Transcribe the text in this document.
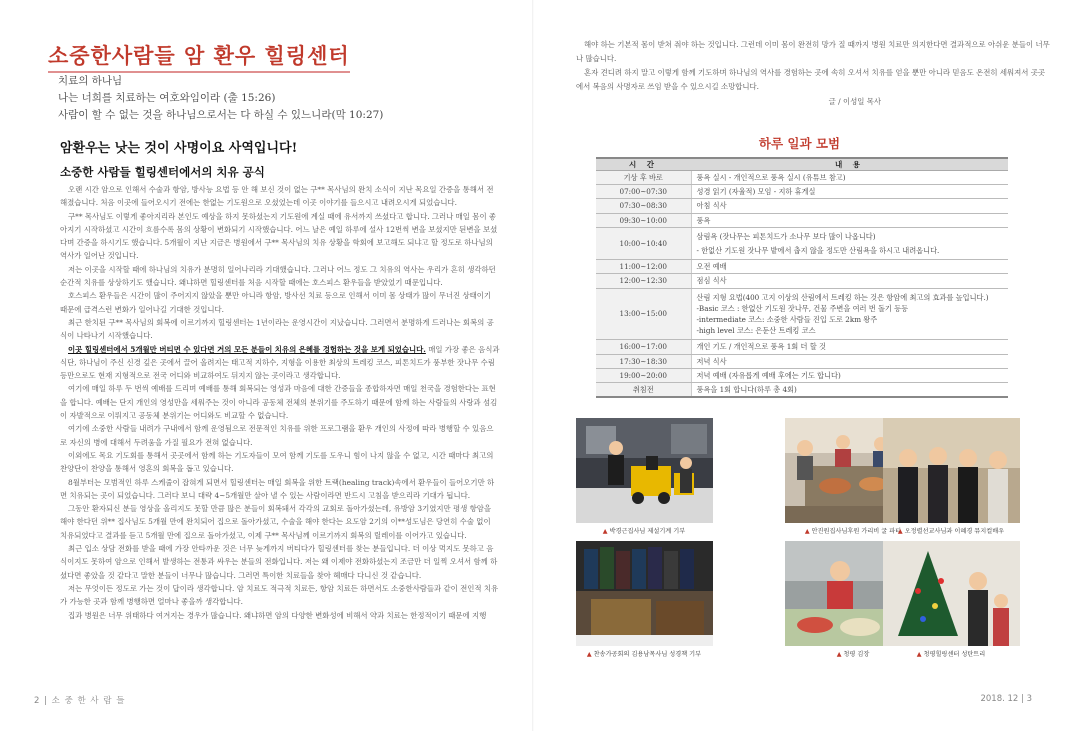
소중한사람들 암 환우 힐링센터
치료의 하나님
나는 너희를 치료하는 여호와임이라 (출 15:26)
사람이 할 수 없는 것을 하나님으로서는 다 하실 수 있느니라(막 10:27)
암환우는 낫는 것이 사명이요 사역입니다!
소중한 사람들 힐링센터에서의 치유 공식

오랜 시간 암으로 인해서 수술과 항암, 방사능 요법 등 안 해 보신 것이 없는 구** 목사님의 완치 소식이 지난 목요일 간증을 통해서 전해졌습니다. 처음 이곳에 들어오시기 전에는 한없는 기도원으로 오셨었는데 이곳 이야기를 들으시고 내려오시게 되었습니다.

구** 목사님도 이렇게 좋아지리라 본인도 예상을 하지 못하셨는지 기도원에 계실 때에 유서까지 쓰셨다고 합니다. 그러나 매일 몸이 좋아지기 시작하셨고 시간이 흐름수록 몸의 상황이 변화되기 시작했습니다. 어느 날은 예일 하루에 설사 12번씩 변을 보셨지만 된변을 보셨다며 간증을 하시기도 했습니다. 5개월이 지난 지금은 병원에서 구** 목사님의 치유 상황을 학회에 보고해도 되냐고 할 정도로 하나님의 역사가 일어난 것입니다.

저는 이곳을 시작할 때에 하나님의 치유가 분명히 일어나리라 기대했습니다. 그러나 어느 정도 그 치유의 역사는 우리가 흔히 생각하던 순간적 치유를 상상하기도 했습니다. 왜냐하면 힐링센터를 처음 시작할 때에는 호스피스 환우들을 받았었기 때문입니다.

호스피스 환우들은 시간이 많이 주어지지 않았을 뿐만 아니라 항암, 방사선 치료 등으로 인해서 이미 몸 상태가 많이 무너진 상태이기 때문에 급격스런 변화가 일어나길 기대한 것입니다.

최근 한치된 구** 목사님의 회복에 이르기까지 힐링센터는 1년이라는 운영시간이 지났습니다. 그러면서 분명하게 드러나는 회복의 공식이 나타나기 시작했습니다.

이곳 힐링센터에서 5개월만 버티면 수 있다면 거의 모든 분들이 치유의 은혜를 경험하는 것을 보게 되었습니다. 매일 가장 좋은 음식과 식단, 하나님이 주신 신경 깊은 곳에서 끌어 올려지는 태고적 지하수, 지형을 이용한 최상의 트레킹 코스, 피톤치드가 풍부한 잣나무 수림 등만으로도 현재 지형적으로 전국 어디와 비교하여도 뒤지지 않는 곳이라고 생각합니다.

여기에 매일 하루 두 번씩 예배를 드리며 예배를 통해 회복되는 영성과 마음에 대한 간증들을 종합하자면 매일 천국을 경험한다는 표현을 합니다. 예배는 단지 개인의 영성만을 세워주는 것이 아니라 공동체 전체의 분위기를 주도하기 때문에 함께 하는 사람들의 사랑과 섬김이 자발적으로 이뤄지고 공동체 분위기는 어디와도 비교할 수 없습니다.

여기에 소중한 사람들 내려가 구내에서 함께 운영됨으로 전문적인 치유를 위한 프로그램을 환우 개인의 사정에 따라 병행할 수 있음으로 자신의 병에 대해서 두려움을 가질 필요가 전혀 없습니다.

이외에도 목요 기도회를 통해서 곳곳에서 함께 하는 기도자들이 모여 함께 기도를 도우니 힘이 나지 않을 수 없고, 시간 때마다 최고의 찬양단이 찬양을 통해서 영혼의 회복을 돕고 있습니다.

8월부터는 모범적인 하루 스케줄이 잡혀게 되면서 힐링센터는 매일 회복을 위한 트랙(healing track)속에서 환우들이 들어오기만 하면 치유되는 곳이 되었습니다. 그러다 보니 대략 4~5개월만 살아 낼 수 있는 사람이라면 반드시 고침을 받으리라 기대가 됩니다.

그동안 환자되신 분들 영상을 올리지도 못할 만큼 많은 분들이 회복돼서 각각의 교회로 돌아가셨는데, 유방암 3기였지만 평생 항암을 해야 한다던 위** 집사님도 5개월 만에 완치되어 집으로 돌아가셨고, 수술을 해야 한다는 요도암 2기의 이**성도님은 당연히 수술 없이 치유되었다고 결과를 듣고 5개월 만에 집으로 돌아가셨고, 이제 구** 목사님께 이르기까지 회복의 릴레이를 이어가고 있습니다.

최근 입소 상담 전화를 받을 때에 가장 안타까운 것은 너무 늦게까지 버티다가 힐링센터를 찾는 분들입니다. 더 이상 먹지도 못하고 음식이지도 못하여 암으로 인해서 발생하는 전통과 싸우는 분들의 전화입니다. 저는 왜 이제야 전화하셨는지 조금만 더 일찍 오셔서 함께 하셨다면 좋았을 것 같다고 말한 분들이 너무나 많습니다. 그러면 특이한 치료들을 찾아 헤매다 다니신 것 같습니다.

저는 무엇이든 정도로 가는 것이 답이라 생각합니다. 암 치료도 적극적 치료든, 항암 치료든 하면서도 소중한사람들과 같이 전인적 치유가 가능한 곳과 함께 병행하면 얼마나 좋을까 생각합니다.

집과 병원은 너무 위태하다 여겨지는 경우가 많습니다. 왜냐하면 암의 다양한 변화성에 비해서 약과 치료는 한정적이기 때문에 지행

2 | 소 중 한 사 람 들

해야 하는 기본적 몸이 받쳐 줘야 하는 것입니다. 그런데 이미 몸이 완전히 망가 질 때까지 병원 치료만 의지한다면 결과적으로 아쉬운 분들이 너무나 많습니다.

혼자 견디려 하지 말고 이렇게 함께 기도하며 하나님의 역사를 경험하는 곳에 속히 오셔서 치유를 얻을 뿐만 아니라 믿음도 온전히 세워져서 곳곳에서 복음의 사명자로 쓰임 받을 수 있으시길 소망합니다.

글 / 이성일 목사

하루 일과 모범
시 간	내 용
기상 후 바로	풍욕 실시 - 개인적으로 풍욕 실시 (유튜브 참고)

07:00~07:30	성경 읽기 (자율적) 모임 - 지하 휴게실

07:30~08:30	아침 식사

09:30~10:00	풍욕

10:00~10:40	삼림욕 (잣나무는 피톤치드가 소나무 보다 많이 나옵니다)
- 한없산 기도원 잣나무 밭에서 춥지 않을 정도만 산림욕을 하시고 내려옵니다.

11:00~12:00	오전 예배

12:00~12:30	점심 식사

13:00~15:00	산림 지형 요법(400 고지 이상의 산림에서 트레킹 하는 것은 항암에 최고의 효과를 높입니다.)
-Basic 코스 : 한없산 기도원 잣나무, 건물 주변을 여러 번 돌기 등등
-intermediate 코스: 소중한 사람들 진입 도로 2km 왕주
-high level 코스: 은둔산 트레킹 코스

16:00~17:00	개인 기도 / 개인적으로 풍욕 1회 더 할 것

17:30~18:30	저녁 식사

19:00~20:00	저녁 예배 (자유롭게 예배 후에는 기도 합니다)

취침전	풍욕을 1회 합니다(하루 총 4회)
▲ 박경근집사님 제설기계 기부	▲ 안진원집사님후원 가리비 굴 파티 ▲ 오정렬선교사님과 이혜경 뮤지컬배우
▲ 찬송가공회의 김용남목사님 성경책 기부	▲ 청평 김장	▲ 청평힐링센터 성탄트리
2018. 12 | 3
